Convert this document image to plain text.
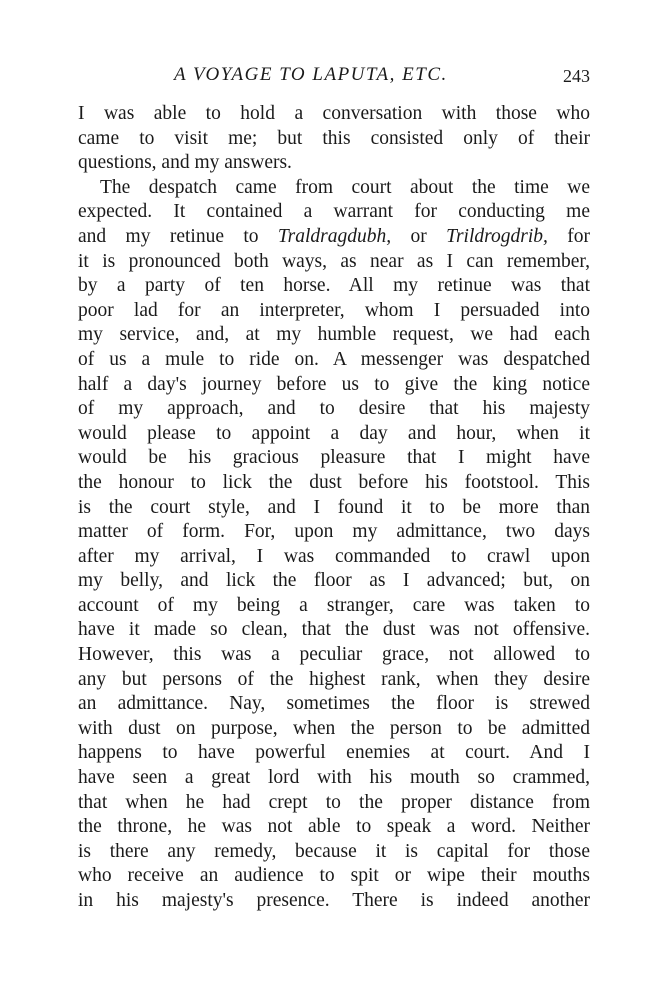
A VOYAGE TO LAPUTA, ETC.	243
I was able to hold a conversation with those who
came to visit me; but this consisted only of their
questions, and my answers.
The despatch came from court about the time we
expected. It contained a warrant for conducting me
and my retinue to Traldragdubh, or Trildrogdrib, for
it is pronounced both ways, as near as I can remember,
by a party of ten horse. All my retinue was that
poor lad for an interpreter, whom I persuaded into
my service, and, at my humble request, we had each
of us a mule to ride on. A messenger was despatched
half a day's journey before us to give the king notice
of my approach, and to desire that his majesty
would please to appoint a day and hour, when it
would be his gracious pleasure that I might have
the honour to lick the dust before his footstool. This
is the court style, and I found it to be more than
matter of form. For, upon my admittance, two days
after my arrival, I was commanded to crawl upon
my belly, and lick the floor as I advanced; but, on
account of my being a stranger, care was taken to
have it made so clean, that the dust was not offensive.
However, this was a peculiar grace, not allowed to
any but persons of the highest rank, when they desire
an admittance. Nay, sometimes the floor is strewed
with dust on purpose, when the person to be admitted
happens to have powerful enemies at court. And I
have seen a great lord with his mouth so crammed,
that when he had crept to the proper distance from
the throne, he was not able to speak a word. Neither
is there any remedy, because it is capital for those
who receive an audience to spit or wipe their mouths
in his majesty's presence. There is indeed another
